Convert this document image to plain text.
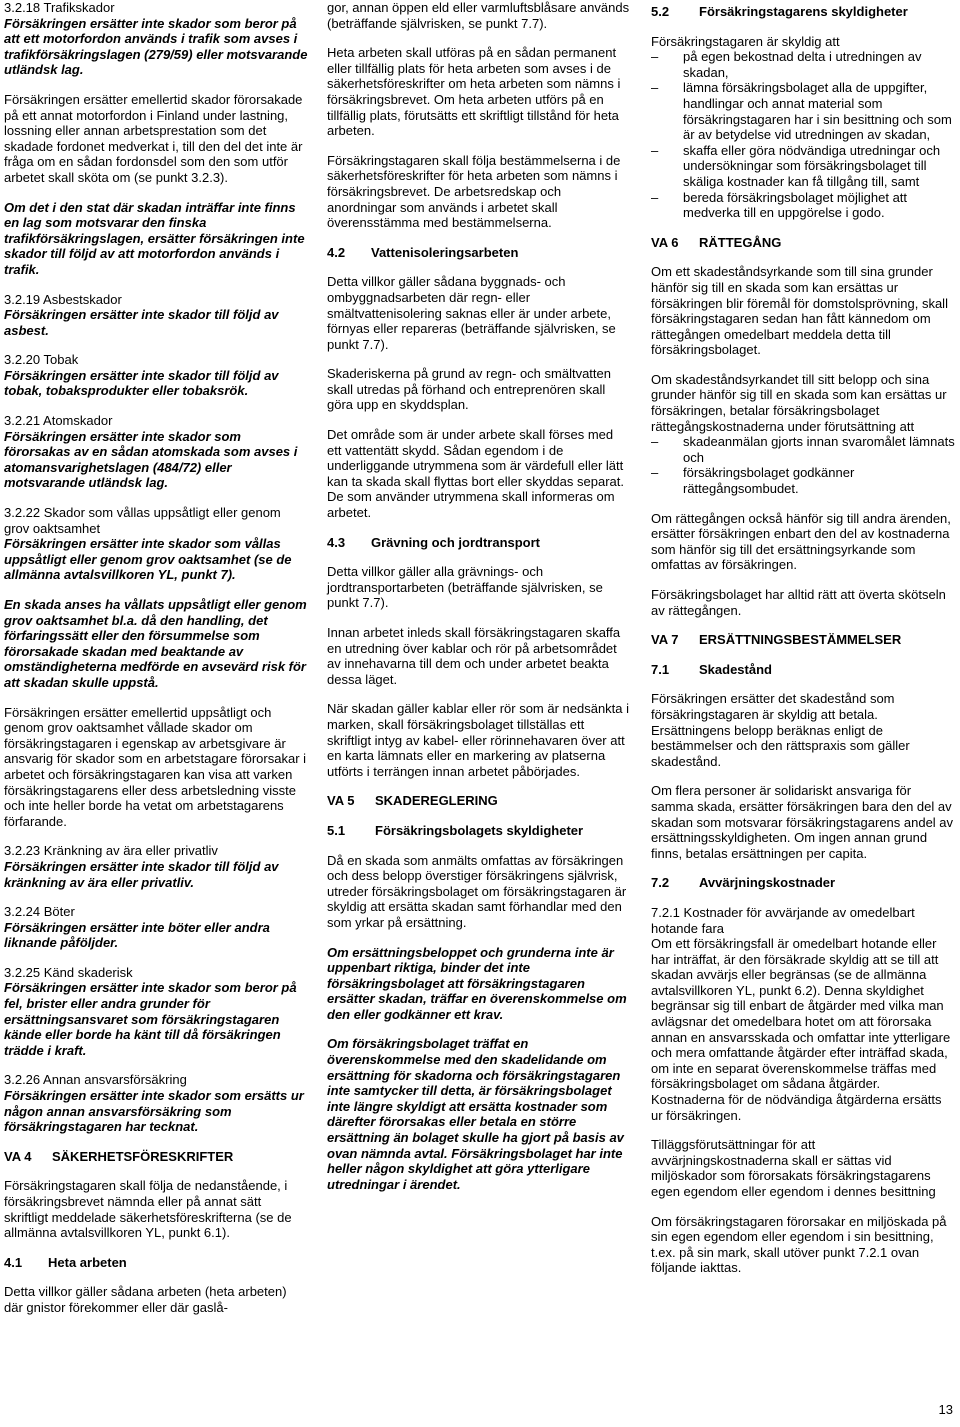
3.2.18 Trafikskador
Försäkringen ersätter inte skador som beror på att ett motorfordon används i trafik som avses i trafikförsäkringslagen (279/59) eller motsvarande utländsk lag.

Försäkringen ersätter emellertid skador förorsakade på ett annat motorfordon i Finland under lastning, lossning eller annan arbetsprestation som det skadade fordonet medverkat i, till den del det inte är fråga om en sådan fordonsdel som den som utför arbetet skall sköta om (se punkt 3.2.3).

Om det i den stat där skadan inträffar inte finns en lag som motsvarar den finska trafikförsäkringslagen, ersätter försäkringen inte skador till följd av att motorfordon används i trafik.

3.2.19 Asbestskador
Försäkringen ersätter inte skador till följd av asbest.

3.2.20 Tobak
Försäkringen ersätter inte skador till följd av tobak, tobaksprodukter eller tobaksrök.

3.2.21 Atomskador
Försäkringen ersätter inte skador som förorsakas av en sådan atomskada som avses i atomansvarighetslagen (484/72) eller motsvarande utländsk lag.

3.2.22 Skador som vållas uppsåtligt eller genom grov oaktsamhet
Försäkringen ersätter inte skador som vållas uppsåtligt eller genom grov oaktsamhet (se de allmänna avtalsvillkoren YL, punkt 7).

En skada anses ha vållats uppsåtligt eller genom grov oaktsamhet bl.a. då den handling, det förfaringssätt eller den försummelse som förorsakade skadan med beaktande av omständigheterna medförde en avsevärd risk för att skadan skulle uppstå.

Försäkringen ersätter emellertid uppsåtligt och genom grov oaktsamhet vållade skador om försäkringstagaren i egenskap av arbetsgivare är ansvarig för skador som en arbetstagare förorsakar i arbetet och försäkringstagaren kan visa att varken försäkringstagarens eller dess arbetsledning visste och inte heller borde ha vetat om arbetstagarens förfarande.

3.2.23 Kränkning av ära eller privatliv
Försäkringen ersätter inte skador till följd av kränkning av ära eller privatliv.

3.2.24 Böter
Försäkringen ersätter inte böter eller andra liknande påföljder.

3.2.25 Känd skaderisk
Försäkringen ersätter inte skador som beror på fel, brister eller andra grunder för ersättningsansvaret som försäkringstagaren kände eller borde ha känt till då försäkringen trädde i kraft.

3.2.26 Annan ansvarsförsäkring
Försäkringen ersätter inte skador som ersätts ur någon annan ansvarsförsäkring som försäkringstagaren har tecknat.

VA 4 SÄKERHETSFÖRESKRIFTER

Försäkringstagaren skall följa de nedanstående, i försäkringsbrevet nämnda eller på annat sätt skriftligt meddelade säkerhetsföreskrifterna (se de allmänna avtalsvillkoren YL, punkt 6.1).

4.1 Heta arbeten

Detta villkor gäller sådana arbeten (heta arbeten) där gnistor förekommer eller där gaslå-

gor, annan öppen eld eller varmluftsblåsare används (beträffande självrisken, se punkt 7.7).

Heta arbeten skall utföras på en sådan permanent eller tillfällig plats för heta arbeten som avses i de säkerhetsföreskrifter om heta arbeten som nämns i försäkringsbrevet. Om heta arbeten utförs på en tillfällig plats, förutsätts ett skriftligt tillstånd för heta arbeten.

Försäkringstagaren skall följa bestämmelserna i de säkerhetsföreskrifter för heta arbeten som nämns i försäkringsbrevet. De arbetsredskap och anordningar som används i arbetet skall överensstämma med bestämmelserna.

4.2 Vattenisoleringsarbeten

Detta villkor gäller sådana byggnads- och ombyggnadsarbeten där regn- eller smältvattenisolering saknas eller är under arbete, förnyas eller repareras (beträffande självrisken, se punkt 7.7).

Skaderiskerna på grund av regn- och smältvatten skall utredas på förhand och entreprenören skall göra upp en skyddsplan.

Det område som är under arbete skall förses med ett vattentätt skydd. Sådan egendom i de underliggande utrymmena som är värdefull eller lätt kan ta skada skall flyttas bort eller skyddas separat. De som använder utrymmena skall informeras om arbetet.

4.3 Grävning och jordtransport

Detta villkor gäller alla grävnings- och jordtransportarbeten (beträffande självrisken, se punkt 7.7).

Innan arbetet inleds skall försäkringstagaren skaffa en utredning över kablar och rör på arbetsområdet av innehavarna till dem och under arbetet beakta dessa läget.

När skadan gäller kablar eller rör som är nedsänkta i marken, skall försäkringsbolaget tillställas ett skriftligt intyg av kabel- eller rörinnehavaren över att en karta lämnats eller en markering av platserna utförts i terrängen innan arbetet påbörjades.

VA 5 SKADEREGLERING
5.1	Försäkringsbolagets skyldigheter

Då en skada som anmälts omfattas av försäkringen och dess belopp överstiger försäkringens självrisk, utreder försäkringsbolaget om försäkringstagaren är skyldig att ersätta skadan samt förhandlar med den som yrkar på ersättning.

Om ersättningsbeloppet och grunderna inte är uppenbart riktiga, binder det inte försäkringsbolaget att försäkringstagaren ersätter skadan, träffar en överenskommelse om den eller godkänner ett krav.

Om försäkringsbolaget träffat en överenskommelse med den skadelidande om ersättning för skadorna och försäkringstagaren inte samtycker till detta, är försäkringsbolaget inte längre skyldigt att ersätta kostnader som därefter förorsakas eller betala en större ersättning än bolaget skulle ha gjort på basis av ovan nämnda avtal. Försäkringsbolaget har inte heller någon skyldighet att göra ytterligare utredningar i ärendet.

5.2	Försäkringstagarens skyldigheter
Försäkringstagaren är skyldig att
– på egen bekostnad delta i utredningen av skadan,
– lämna försäkringsbolaget alla de uppgifter, handlingar och annat material som försäkringstagaren har i sin besittning och som är av betydelse vid utredningen av skadan,
– skaffa eller göra nödvändiga utredningar och undersökningar som försäkringsbolaget till skäliga kostnader kan få tillgång till, samt
– bereda försäkringsbolaget möjlighet att medverka till en uppgörelse i godo.
VA 6 RÄTTEGÅNG

Om ett skadeståndsyrkande som till sina grunder hänför sig till en skada som kan ersättas ur försäkringen blir föremål för domstolsprövning, skall försäkringstagaren sedan han fått kännedom om rättegången omedelbart meddela detta till försäkringsbolaget.

Om skadeståndsyrkandet till sitt belopp och sina grunder hänför sig till en skada som kan ersättas ur försäkringen, betalar försäkringsbolaget rättegångskostnaderna under förutsättning att
– skadeanmälan gjorts innan svaromålet lämnats och
– försäkringsbolaget godkänner rättegångsombudet.

Om rättegången också hänför sig till andra ärenden, ersätter försäkringen enbart den del av kostnaderna som hänför sig till det ersättningsyrkande som omfattas av försäkringen.

Försäkringsbolaget har alltid rätt att överta skötseln av rättegången.

VA 7 ERSÄTTNINGSBESTÄMMELSER
7.1 Skadestånd

Försäkringen ersätter det skadestånd som försäkringstagaren är skyldig att betala. Ersättningens belopp beräknas enligt de bestämmelser och den rättspraxis som gäller skadestånd.

Om flera personer är solidariskt ansvariga för samma skada, ersätter försäkringen bara den del av skadan som motsvarar försäkringstagarens andel av ersättningsskyldigheten. Om ingen annan grund finns, betalas ersättningen per capita.

7.2 Avvärjningskostnader

7.2.1 Kostnader för avvärjande av omedelbart hotande fara
Om ett försäkringsfall är omedelbart hotande eller har inträffat, är den försäkrade skyldig att se till att skadan avvärjs eller begränsas (se de allmänna avtalsvillkoren YL, punkt 6.2). Denna skyldighet begränsar sig till enbart de åtgärder med vilka man avlägsnar det omedelbara hotet om att förorsaka annan en ansvarsskada och omfattar inte ytterligare och mera omfattande åtgärder efter inträffad skada, om inte en separat överenskommelse träffas med försäkringsbolaget om sådana åtgärder. Kostnaderna för de nödvändiga åtgärderna ersätts ur försäkringen.

Tilläggsförutsättningar för att avvärjningskostnaderna skall er sättas vid miljöskador som förorsakats försäkringstagarens egen egendom eller egendom i dennes besittning

Om försäkringstagaren förorsakar en miljöskada på sin egen egendom eller egendom i sin besittning, t.ex. på sin mark, skall utöver punkt 7.2.1 ovan följande iakttas.

13
